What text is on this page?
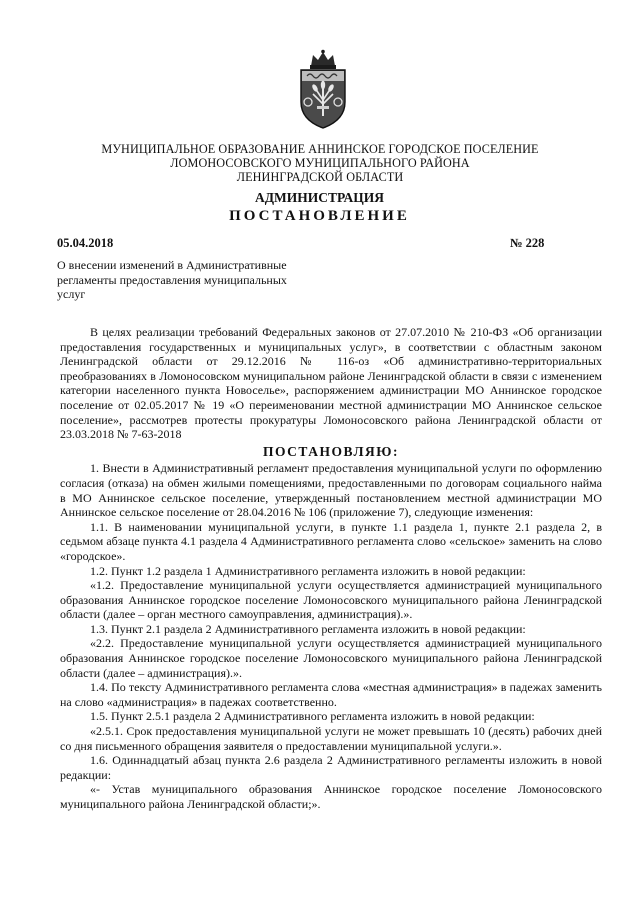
МУНИЦИПАЛЬНОЕ ОБРАЗОВАНИЕ АННИНСКОЕ ГОРОДСКОЕ ПОСЕЛЕНИЕ
ЛОМОНОСОВСКОГО МУНИЦИПАЛЬНОГО РАЙОНА
ЛЕНИНГРАДСКОЙ ОБЛАСТИ
АДМИНИСТРАЦИЯ
ПОСТАНОВЛЕНИЕ
05.04.2018	№ 228
О внесении изменений в Административные
регламенты предоставления муниципальных
услуг

В целях реализации требований Федеральных законов от 27.07.2010 № 210-ФЗ «Об организации предоставления государственных и муниципальных услуг», в соответствии с областным законом Ленинградской области от 29.12.2016 № 116-оз «Об административно-территориальных преобразованиях в Ломоносовском муниципальном районе Ленинградской области в связи с изменением категории населенного пункта Новоселье», распоряжением администрации МО Аннинское городское поселение от 02.05.2017 № 19 «О переименовании местной администрации МО Аннинское сельское поселение», рассмотрев протесты прокуратуры Ломоносовского района Ленинградской области от 23.03.2018 № 7-63-2018

ПОСТАНОВЛЯЮ:

1. Внести в Административный регламент предоставления муниципальной услуги по оформлению согласия (отказа) на обмен жилыми помещениями, предоставленными по договорам социального найма в МО Аннинское сельское поселение, утвержденный постановлением местной администрации МО Аннинское сельское поселение от 28.04.2016 № 106 (приложение 7), следующие изменения:

1.1. В наименовании муниципальной услуги, в пункте 1.1 раздела 1, пункте 2.1 раздела 2, в седьмом абзаце пункта 4.1 раздела 4 Административного регламента слово «сельское» заменить на слово «городское».

1.2. Пункт 1.2 раздела 1 Административного регламента изложить в новой редакции:

«1.2. Предоставление муниципальной услуги осуществляется администрацией муниципального образования Аннинское городское поселение Ломоносовского муниципального района Ленинградской области (далее – орган местного самоуправления, администрация).».

1.3. Пункт 2.1 раздела 2 Административного регламента изложить в новой редакции:

«2.2. Предоставление муниципальной услуги осуществляется администрацией муниципального образования Аннинское городское поселение Ломоносовского муниципального района Ленинградской области (далее – администрация).».

1.4. По тексту Административного регламента слова «местная администрация» в падежах заменить на слово «администрация» в падежах соответственно.

1.5. Пункт 2.5.1 раздела 2 Административного регламента изложить в новой редакции:

«2.5.1. Срок предоставления муниципальной услуги не может превышать 10 (десять) рабочих дней со дня письменного обращения заявителя о предоставлении муниципальной услуги.».

1.6. Одиннадцатый абзац пункта 2.6 раздела 2 Административного регламенты изложить в новой редакции:

«- Устав муниципального образования Аннинское городское поселение Ломоносовского муниципального района Ленинградской области;».
